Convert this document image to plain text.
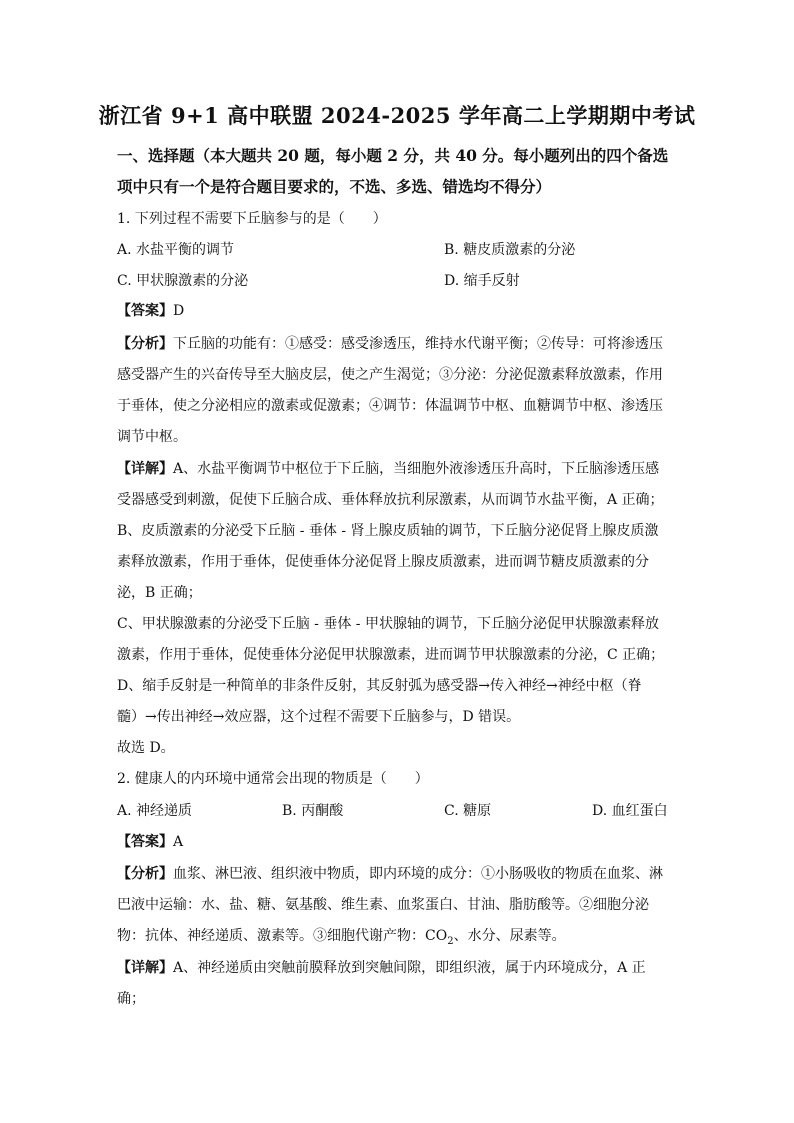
浙江省 9+1 高中联盟 2024-2025 学年高二上学期期中考试
一、选择题（本大题共 20 题，每小题 2 分，共 40 分。每小题列出的四个备选
项中只有一个是符合题目要求的，不选、多选、错选均不得分）
1. 下列过程不需要下丘脑参与的是（　　）
A. 水盐平衡的调节	B. 糖皮质激素的分泌
C. 甲状腺激素的分泌	D. 缩手反射
【答案】D
【分析】下丘脑的功能有：①感受：感受渗透压，维持水代谢平衡；②传导：可将渗透压
感受器产生的兴奋传导至大脑皮层，使之产生渴觉；③分泌：分泌促激素释放激素，作用
于垂体，使之分泌相应的激素或促激素；④调节：体温调节中枢、血糖调节中枢、渗透压
调节中枢。
【详解】A、水盐平衡调节中枢位于下丘脑，当细胞外液渗透压升高时，下丘脑渗透压感
受器感受到刺激，促使下丘脑合成、垂体释放抗利尿激素，从而调节水盐平衡，A 正确；
B、皮质激素的分泌受下丘脑 - 垂体 - 肾上腺皮质轴的调节，下丘脑分泌促肾上腺皮质激
素释放激素，作用于垂体，促使垂体分泌促肾上腺皮质激素，进而调节糖皮质激素的分
泌，B 正确；
C、甲状腺激素的分泌受下丘脑 - 垂体 - 甲状腺轴的调节，下丘脑分泌促甲状腺激素释放
激素，作用于垂体，促使垂体分泌促甲状腺激素，进而调节甲状腺激素的分泌，C 正确；
D、缩手反射是一种简单的非条件反射，其反射弧为感受器→传入神经→神经中枢（脊
髓）→传出神经→效应器，这个过程不需要下丘脑参与，D 错误。
故选 D。
2. 健康人的内环境中通常会出现的物质是（　　）
A. 神经递质	B. 丙酮酸	C. 糖原	D. 血红蛋白
【答案】A
【分析】血浆、淋巴液、组织液中物质，即内环境的成分：①小肠吸收的物质在血浆、淋
巴液中运输：水、盐、糖、氨基酸、维生素、血浆蛋白、甘油、脂肪酸等。②细胞分泌
物：抗体、神经递质、激素等。③细胞代谢产物：$CO_2$、水分、尿素等。
【详解】A、神经递质由突触前膜释放到突触间隙，即组织液，属于内环境成分，A 正
确；
